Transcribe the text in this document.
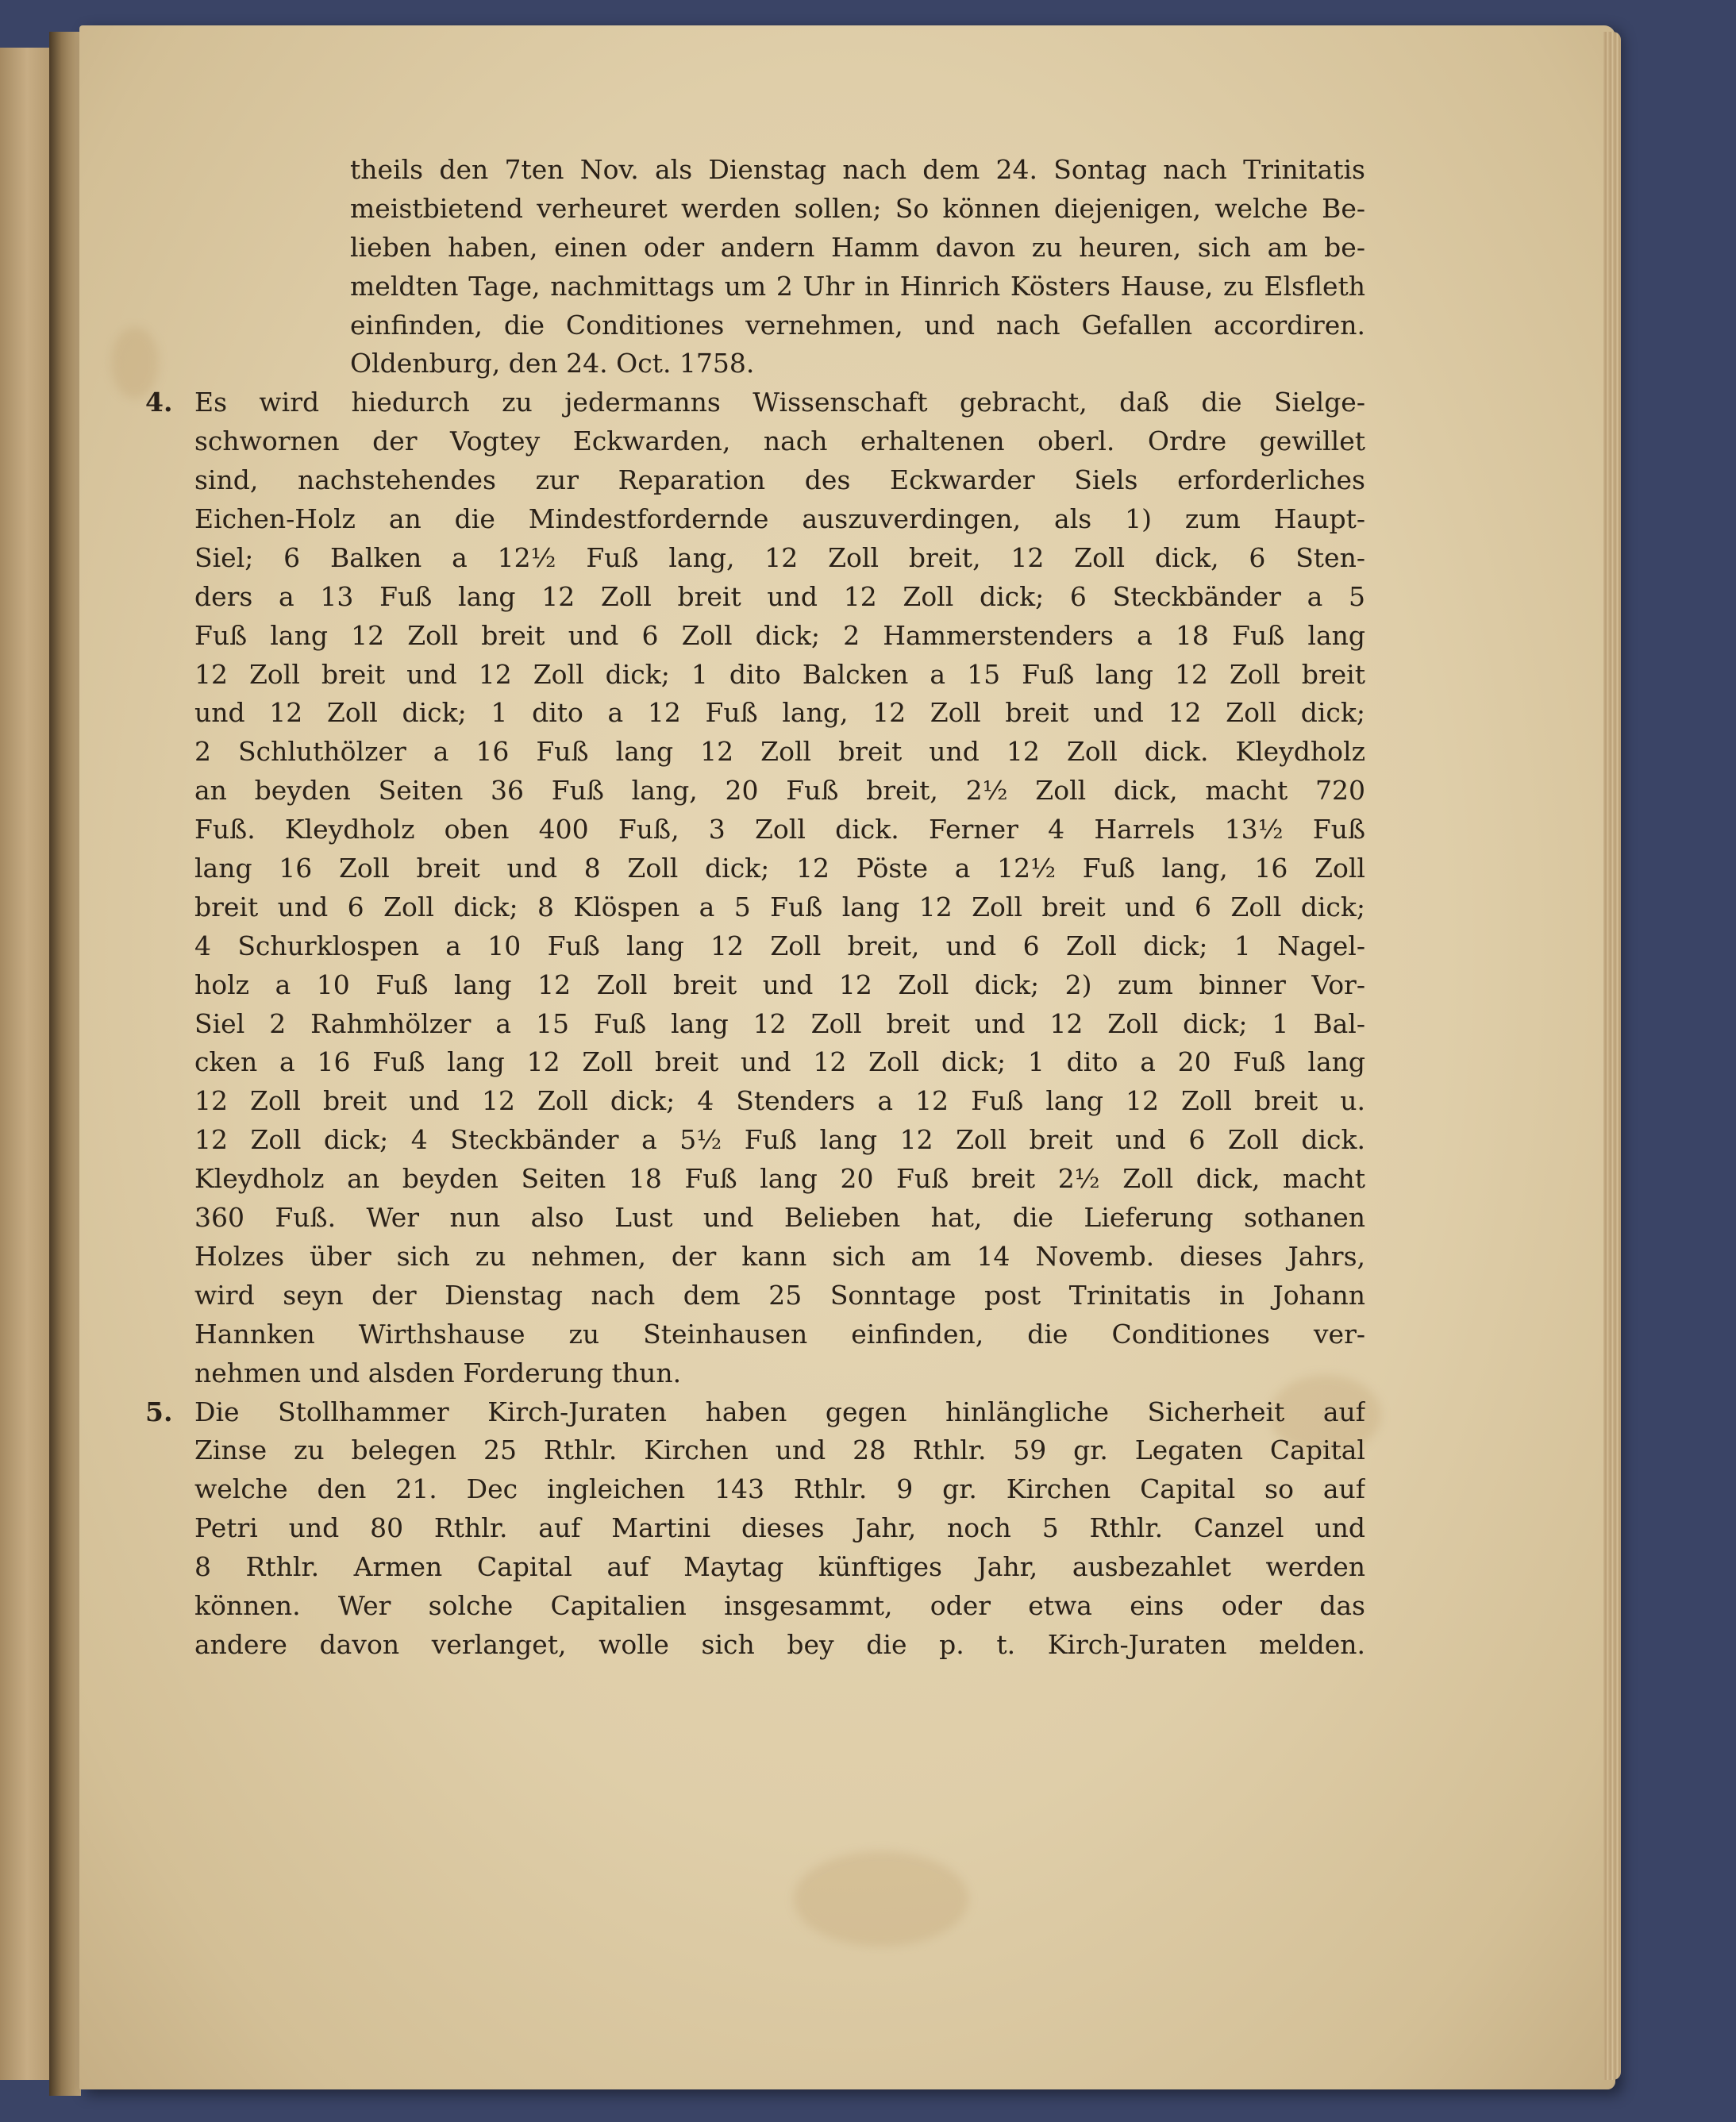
theils den 7ten Nov. als Dienstag nach dem 24. Sontag nach Trinitatis
meistbietend verheuret werden sollen; So können diejenigen, welche Be-
lieben haben, einen oder andern Hamm davon zu heuren, sich am be-
meldten Tage, nachmittags um 2 Uhr in Hinrich Kösters Hause, zu Elsfleth
einfinden, die Conditiones vernehmen, und nach Gefallen accordiren.
Oldenburg, den 24. Oct. 1758.
4. Es wird hiedurch zu jedermanns Wissenschaft gebracht, daß die Sielge-
schwornen der Vogtey Eckwarden, nach erhaltenen oberl. Ordre gewillet
sind, nachstehendes zur Reparation des Eckwarder Siels erforderliches
Eichen-Holz an die Mindestfordernde auszuverdingen, als 1) zum Haupt-
Siel; 6 Balken a 12½ Fuß lang, 12 Zoll breit, 12 Zoll dick, 6 Sten-
ders a 13 Fuß lang 12 Zoll breit und 12 Zoll dick; 6 Steckbänder a 5
Fuß lang 12 Zoll breit und 6 Zoll dick; 2 Hammerstenders a 18 Fuß lang
12 Zoll breit und 12 Zoll dick; 1 dito Balcken a 15 Fuß lang 12 Zoll breit
und 12 Zoll dick; 1 dito a 12 Fuß lang, 12 Zoll breit und 12 Zoll dick;
2 Schluthölzer a 16 Fuß lang 12 Zoll breit und 12 Zoll dick. Kleydholz
an beyden Seiten 36 Fuß lang, 20 Fuß breit, 2½ Zoll dick, macht 720
Fuß. Kleydholz oben 400 Fuß, 3 Zoll dick. Ferner 4 Harrels 13½ Fuß
lang 16 Zoll breit und 8 Zoll dick; 12 Pöste a 12½ Fuß lang, 16 Zoll
breit und 6 Zoll dick; 8 Klöspen a 5 Fuß lang 12 Zoll breit und 6 Zoll dick;
4 Schurklospen a 10 Fuß lang 12 Zoll breit, und 6 Zoll dick; 1 Nagel-
holz a 10 Fuß lang 12 Zoll breit und 12 Zoll dick; 2) zum binner Vor-
Siel 2 Rahmhölzer a 15 Fuß lang 12 Zoll breit und 12 Zoll dick; 1 Bal-
cken a 16 Fuß lang 12 Zoll breit und 12 Zoll dick; 1 dito a 20 Fuß lang
12 Zoll breit und 12 Zoll dick; 4 Stenders a 12 Fuß lang 12 Zoll breit u.
12 Zoll dick; 4 Steckbänder a 5½ Fuß lang 12 Zoll breit und 6 Zoll dick.
Kleydholz an beyden Seiten 18 Fuß lang 20 Fuß breit 2½ Zoll dick, macht
360 Fuß. Wer nun also Lust und Belieben hat, die Lieferung sothanen
Holzes über sich zu nehmen, der kann sich am 14 Novemb. dieses Jahrs,
wird seyn der Dienstag nach dem 25 Sonntage post Trinitatis in Johann
Hannken Wirthshause zu Steinhausen einfinden, die Conditiones ver-
nehmen und alsden Forderung thun.
5. Die Stollhammer Kirch-Juraten haben gegen hinlängliche Sicherheit auf
Zinse zu belegen 25 Rthlr. Kirchen und 28 Rthlr. 59 gr. Legaten Capital
welche den 21. Dec ingleichen 143 Rthlr. 9 gr. Kirchen Capital so auf
Petri und 80 Rthlr. auf Martini dieses Jahr, noch 5 Rthlr. Canzel und
8 Rthlr. Armen Capital auf Maytag künftiges Jahr, ausbezahlet werden
können. Wer solche Capitalien insgesammt, oder etwa eins oder das
andere davon verlanget, wolle sich bey die p. t. Kirch-Juraten melden.
